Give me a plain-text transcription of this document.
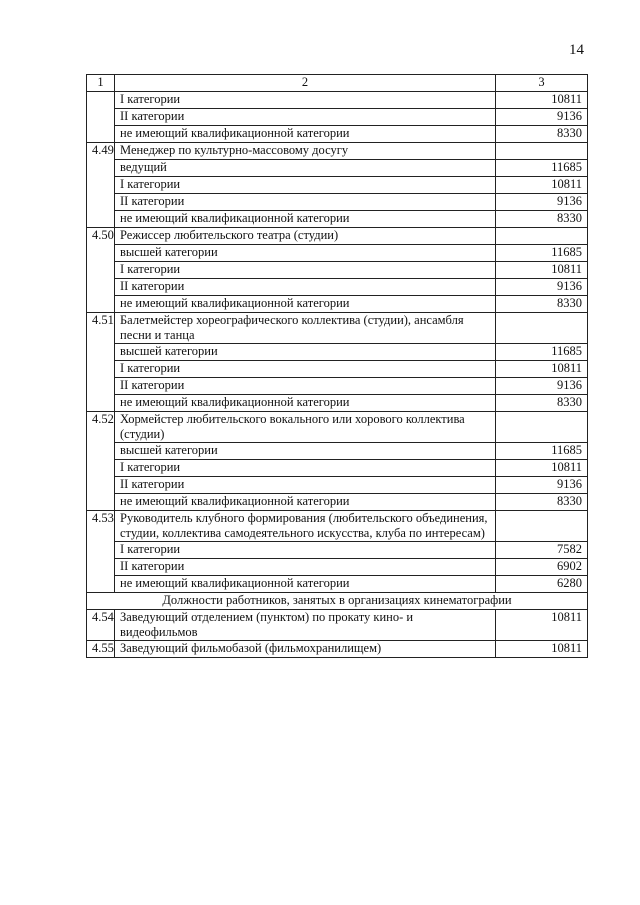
14
1	2	3
	I категории	10811
	II категории	9136
	не имеющий квалификационной категории	8330
4.49	Менеджер по культурно-массовому досугу	
	ведущий	11685
	I категории	10811
	II категории	9136
	не имеющий квалификационной категории	8330
4.50	Режиссер любительского театра (студии)	
	высшей категории	11685
	I категории	10811
	II категории	9136
	не имеющий квалификационной категории	8330
4.51	Балетмейстер хореографического коллектива (студии), ансамбля песни и танца	
	высшей категории	11685
	I категории	10811
	II категории	9136
	не имеющий квалификационной категории	8330
4.52	Хормейстер любительского вокального или хорового коллектива (студии)	
	высшей категории	11685
	I категории	10811
	II категории	9136
	не имеющий квалификационной категории	8330
4.53	Руководитель клубного формирования (любительского объединения, студии, коллектива самодеятельного искусства, клуба по интересам)	
	I категории	7582
	II категории	6902
	не имеющий квалификационной категории	6280
Должности работников, занятых в организациях кинематографии		
4.54	Заведующий отделением (пунктом) по прокату кино- и видеофильмов	10811
4.55	Заведующий фильмобазой (фильмохранилищем)	10811
